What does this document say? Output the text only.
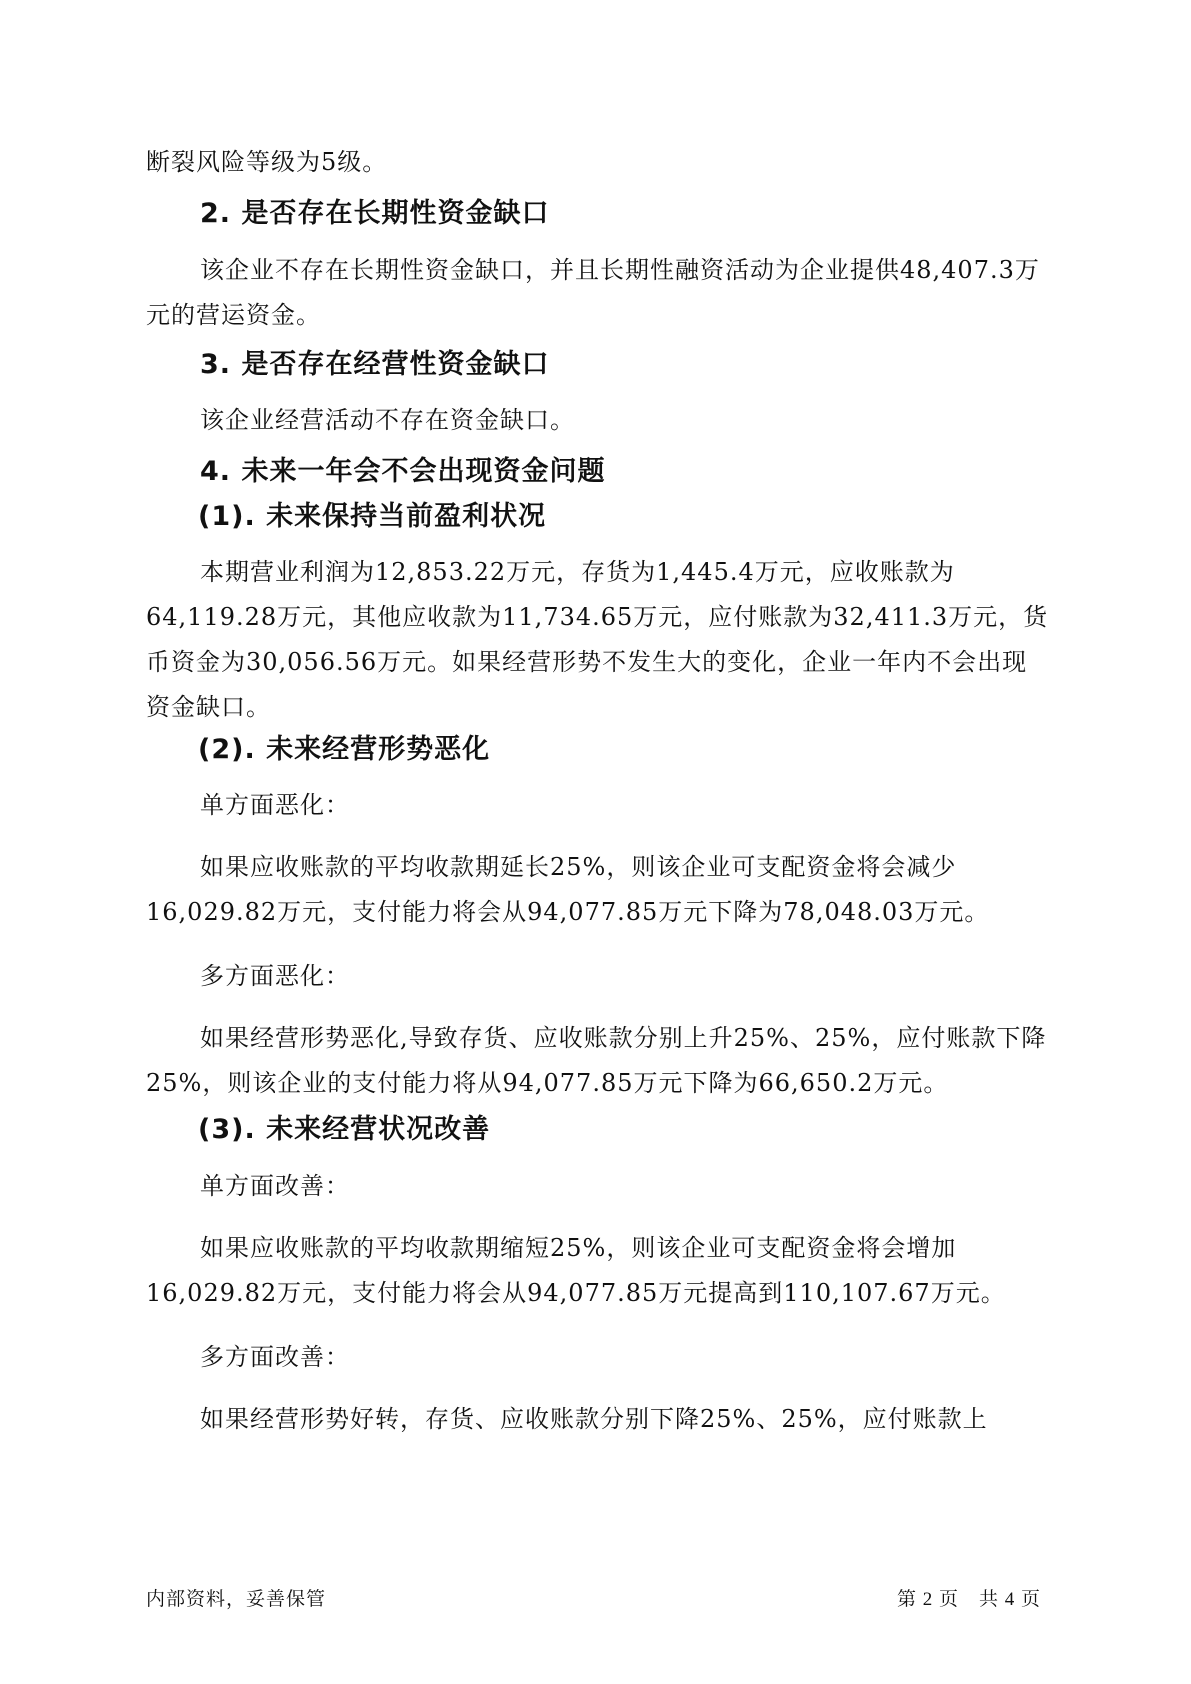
断裂风险等级为5级。

2. 是否存在长期性资金缺口

该企业不存在长期性资金缺口，并且长期性融资活动为企业提供48,407.3万元的营运资金。

3. 是否存在经营性资金缺口

该企业经营活动不存在资金缺口。

4. 未来一年会不会出现资金问题
(1). 未来保持当前盈利状况

本期营业利润为12,853.22万元，存货为1,445.4万元，应收账款为64,119.28万元，其他应收款为11,734.65万元，应付账款为32,411.3万元，货币资金为30,056.56万元。如果经营形势不发生大的变化，企业一年内不会出现资金缺口。

(2). 未来经营形势恶化

单方面恶化：

如果应收账款的平均收款期延长25%，则该企业可支配资金将会减少16,029.82万元，支付能力将会从94,077.85万元下降为78,048.03万元。

多方面恶化：

如果经营形势恶化,导致存货、应收账款分别上升25%、25%，应付账款下降25%，则该企业的支付能力将从94,077.85万元下降为66,650.2万元。

(3). 未来经营状况改善

单方面改善：

如果应收账款的平均收款期缩短25%，则该企业可支配资金将会增加16,029.82万元，支付能力将会从94,077.85万元提高到110,107.67万元。

多方面改善：

如果经营形势好转，存货、应收账款分别下降25%、25%，应付账款上

内部资料，妥善保管	第 2 页　共 4 页
